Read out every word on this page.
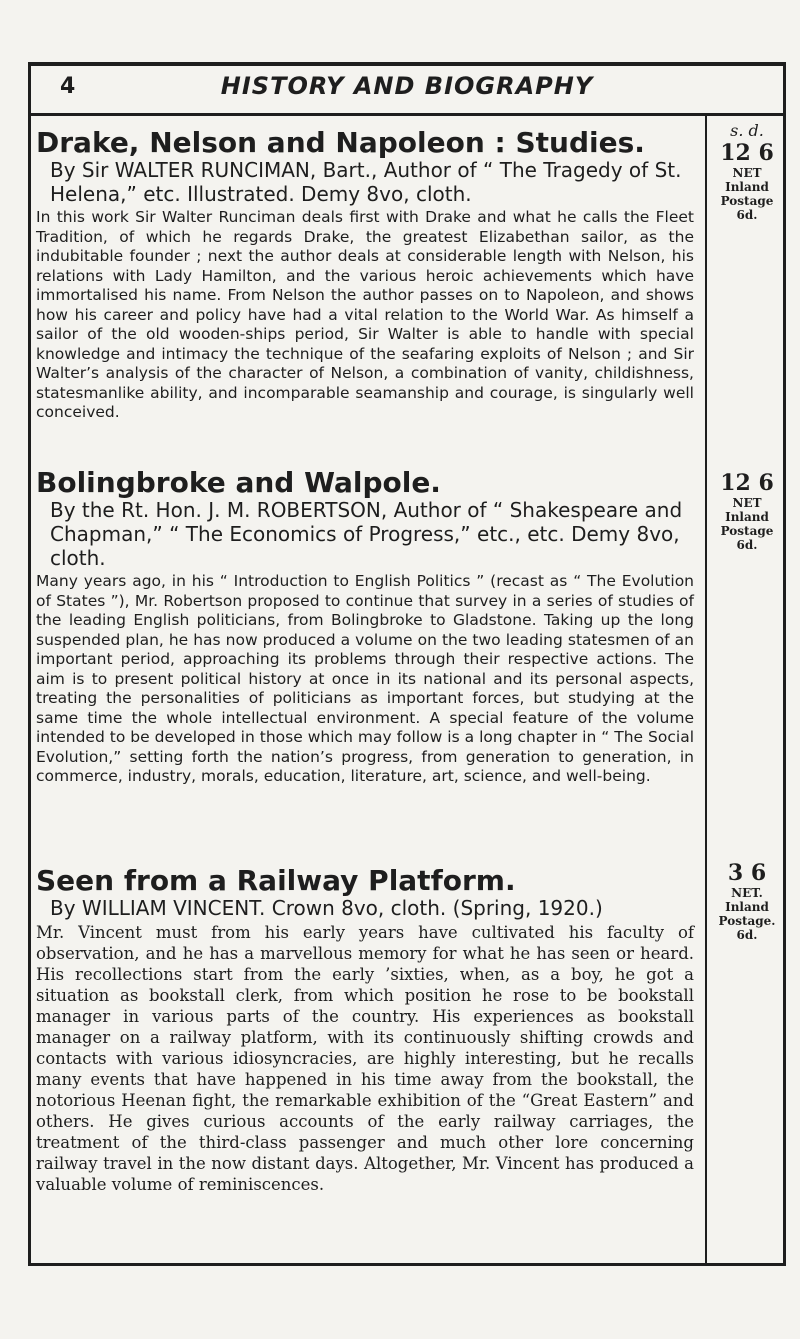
4	HISTORY AND BIOGRAPHY
s. d.
Drake, Nelson and Napoleon : Studies.
By Sir WALTER RUNCIMAN, Bart., Author of “ The Tragedy of St. Helena,” etc. Illustrated. Demy 8vo, cloth.
In this work Sir Walter Runciman deals first with Drake and what he calls the Fleet Tradition, of which he regards Drake, the greatest Elizabethan sailor, as the indubitable founder ; next the author deals at considerable length with Nelson, his relations with Lady Hamilton, and the various heroic achievements which have immortalised his name. From Nelson the author passes on to Napoleon, and shows how his career and policy have had a vital relation to the World War. As himself a sailor of the old wooden-ships period, Sir Walter is able to handle with special knowledge and intimacy the technique of the seafaring exploits of Nelson ; and Sir Walter’s analysis of the character of Nelson, a combination of vanity, childishness, statesmanlike ability, and incomparable seamanship and courage, is singularly well conceived.
Bolingbroke and Walpole.
By the Rt. Hon. J. M. ROBERTSON, Author of “ Shakespeare and Chapman,” “ The Economics of Progress,” etc., etc. Demy 8vo, cloth.
Many years ago, in his “ Introduction to English Politics ” (recast as “ The Evolution of States ”), Mr. Robertson proposed to continue that survey in a series of studies of the leading English politicians, from Bolingbroke to Gladstone. Taking up the long suspended plan, he has now produced a volume on the two leading statesmen of an important period, approaching its problems through their respective actions. The aim is to present political history at once in its national and its personal aspects, treating the personalities of politicians as important forces, but studying at the same time the whole intellectual environment. A special feature of the volume intended to be developed in those which may follow is a long chapter in “ The Social Evolution,” setting forth the nation’s progress, from generation to generation, in commerce, industry, morals, education, literature, art, science, and well-being.
Seen from a Railway Platform.
By WILLIAM VINCENT. Crown 8vo, cloth. (Spring, 1920.)
Mr. Vincent must from his early years have cultivated his faculty of observation, and he has a marvellous memory for what he has seen or heard. His recollections start from the early ’sixties, when, as a boy, he got a situation as bookstall clerk, from which position he rose to be bookstall manager in various parts of the country. His experiences as bookstall manager on a railway platform, with its continuously shifting crowds and contacts with various idiosyncracies, are highly interesting, but he recalls many events that have happened in his time away from the bookstall, the notorious Heenan fight, the remarkable exhibition of the “Great Eastern” and others. He gives curious accounts of the early railway carriages, the treatment of the third-class passenger and much other lore concerning railway travel in the now distant days. Altogether, Mr. Vincent has produced a valuable volume of reminiscences.
12 6
NET
Inland
Postage
6d.
12 6
NET
Inland
Postage
6d.
3 6
NET.
Inland
Postage.
6d.
